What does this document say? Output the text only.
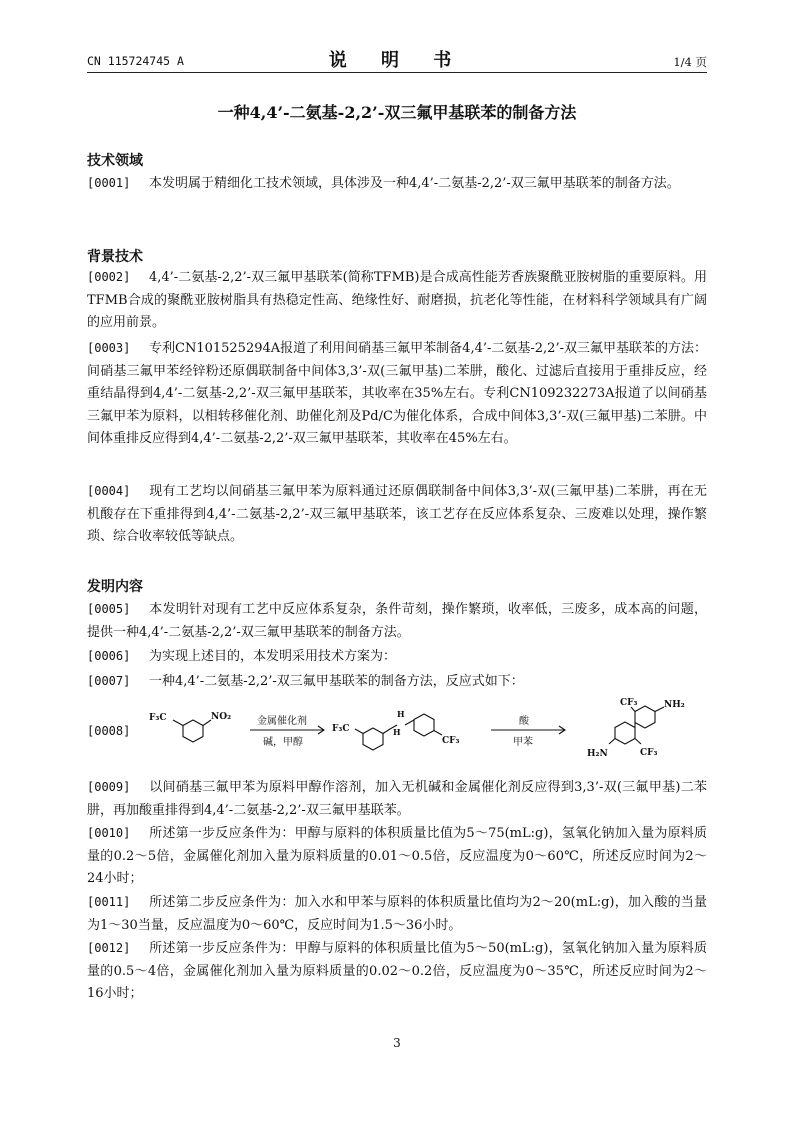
CN 115724745 A	说 明 书	1/4 页
一种4,4’-二氨基-2,2’-双三氟甲基联苯的制备方法
技术领域
[0001] 本发明属于精细化工技术领域，具体涉及一种4,4’-二氨基-2,2’-双三氟甲基联苯的制备方法。
背景技术
[0002] 4,4’-二氨基-2,2’-双三氟甲基联苯(简称TFMB)是合成高性能芳香族聚酰亚胺树脂的重要原料。用TFMB合成的聚酰亚胺树脂具有热稳定性高、绝缘性好、耐磨损，抗老化等性能，在材料科学领域具有广阔的应用前景。
[0003] 专利CN101525294A报道了利用间硝基三氟甲苯制备4,4’-二氨基-2,2’-双三氟甲基联苯的方法：间硝基三氟甲苯经锌粉还原偶联制备中间体3,3’-双(三氟甲基)二苯肼，酸化、过滤后直接用于重排反应，经重结晶得到4,4’-二氨基-2,2’-双三氟甲基联苯，其收率在35%左右。专利CN109232273A报道了以间硝基三氟甲苯为原料，以相转移催化剂、助催化剂及Pd/C为催化体系，合成中间体3,3’-双(三氟甲基)二苯肼。中间体重排反应得到4,4’-二氨基-2,2’-双三氟甲基联苯，其收率在45%左右。
[0004] 现有工艺均以间硝基三氟甲苯为原料通过还原偶联制备中间体3,3’-双(三氟甲基)二苯肼，再在无机酸存在下重排得到4,4’-二氨基-2,2’-双三氟甲基联苯，该工艺存在反应体系复杂、三废难以处理，操作繁琐、综合收率较低等缺点。
发明内容
[0005] 本发明针对现有工艺中反应体系复杂，条件苛刻，操作繁琐，收率低，三废多，成本高的问题，提供一种4,4’-二氨基-2,2’-双三氟甲基联苯的制备方法。
[0006] 为实现上述目的，本发明采用技术方案为：
[0007] 一种4,4’-二氨基-2,2’-双三氟甲基联苯的制备方法，反应式如下：
[0008]
F₃C	NO₂
F₃C	H
H
CF₃
CF₃	NH₂
H₂N	CF₃
金属催化剂
碱，甲醇
酸
甲苯
[0009] 以间硝基三氟甲苯为原料甲醇作溶剂，加入无机碱和金属催化剂反应得到3,3’-双(三氟甲基)二苯肼，再加酸重排得到4,4’-二氨基-2,2’-双三氟甲基联苯。
[0010] 所述第一步反应条件为：甲醇与原料的体积质量比值为5～75(mL:g)，氢氧化钠加入量为原料质量的0.2～5倍，金属催化剂加入量为原料质量的0.01～0.5倍，反应温度为0～60℃，所述反应时间为2～24小时；
[0011] 所述第二步反应条件为：加入水和甲苯与原料的体积质量比值均为2～20(mL:g)，加入酸的当量为1～30当量，反应温度为0～60℃，反应时间为1.5～36小时。
[0012] 所述第一步反应条件为：甲醇与原料的体积质量比值为5～50(mL:g)，氢氧化钠加入量为原料质量的0.5～4倍，金属催化剂加入量为原料质量的0.02～0.2倍，反应温度为0～35℃，所述反应时间为2～16小时；
3
